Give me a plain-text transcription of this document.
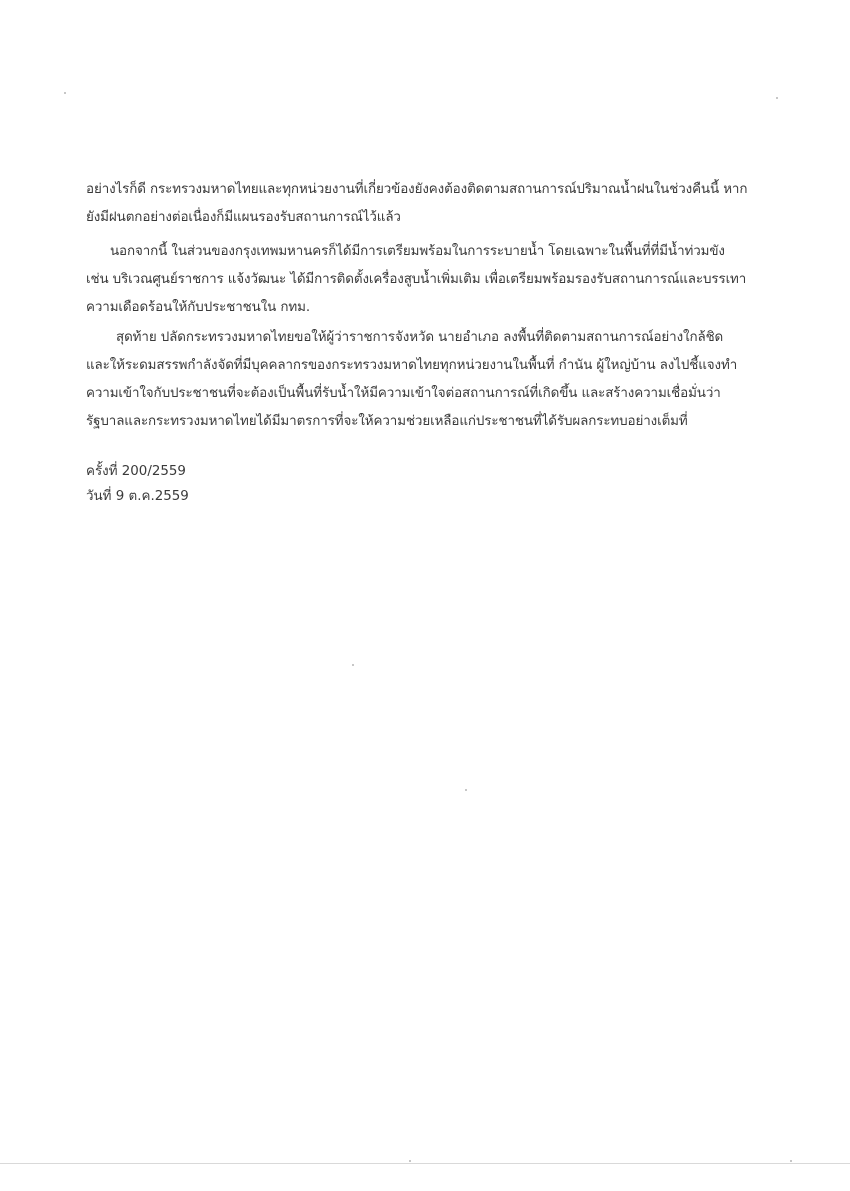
อย่างไรก็ดี กระทรวงมหาดไทยและทุกหน่วยงานที่เกี่ยวข้องยังคงต้องติดตามสถานการณ์ปริมาณน้ำฝนในช่วงคืนนี้ หาก
ยังมีฝนตกอย่างต่อเนื่องก็มีแผนรองรับสถานการณ์ไว้แล้ว
นอกจากนี้ ในส่วนของกรุงเทพมหานครก็ได้มีการเตรียมพร้อมในการระบายน้ำ โดยเฉพาะในพื้นที่ที่มีน้ำท่วมขัง
เช่น บริเวณศูนย์ราชการ แจ้งวัฒนะ ได้มีการติดตั้งเครื่องสูบน้ำเพิ่มเติม เพื่อเตรียมพร้อมรองรับสถานการณ์และบรรเทา
ความเดือดร้อนให้กับประชาชนใน กทม.
สุดท้าย ปลัดกระทรวงมหาดไทยขอให้ผู้ว่าราชการจังหวัด นายอำเภอ ลงพื้นที่ติดตามสถานการณ์อย่างใกล้ชิด
และให้ระดมสรรพกำลังจัดที่มีบุคคลากรของกระทรวงมหาดไทยทุกหน่วยงานในพื้นที่ กำนัน ผู้ใหญ่บ้าน ลงไปชี้แจงทำ
ความเข้าใจกับประชาชนที่จะต้องเป็นพื้นที่รับน้ำให้มีความเข้าใจต่อสถานการณ์ที่เกิดขึ้น และสร้างความเชื่อมั่นว่า
รัฐบาลและกระทรวงมหาดไทยได้มีมาตรการที่จะให้ความช่วยเหลือแก่ประชาชนที่ได้รับผลกระทบอย่างเต็มที่
ครั้งที่ 200/2559
วันที่ 9 ต.ค.2559
